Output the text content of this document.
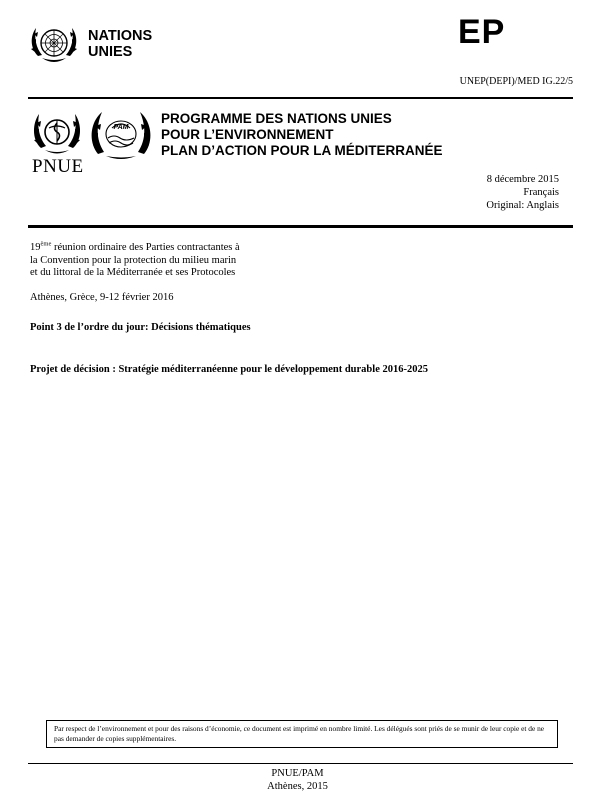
NATIONS
UNIES
EP
UNEP(DEPI)/MED IG.22/5
PAM
PNUE
PROGRAMME DES NATIONS UNIES
POUR L’ENVIRONNEMENT
PLAN D’ACTION POUR LA MÉDITERRANÉE
8 décembre 2015
Français
Original: Anglais
19ème réunion ordinaire des Parties contractantes à
la Convention pour la protection du milieu marin
et du littoral de la Méditerranée et ses Protocoles
Athènes, Grèce, 9-12 février 2016
Point 3 de l’ordre du jour: Décisions thématiques
Projet de décision : Stratégie méditerranéenne pour le développement durable 2016-2025
Par respect de l’environnement et pour des raisons d’économie, ce document est imprimé en nombre limité. Les délégués sont priés de se munir de leur copie et de ne pas demander de copies supplémentaires.
PNUE/PAM
Athènes, 2015
